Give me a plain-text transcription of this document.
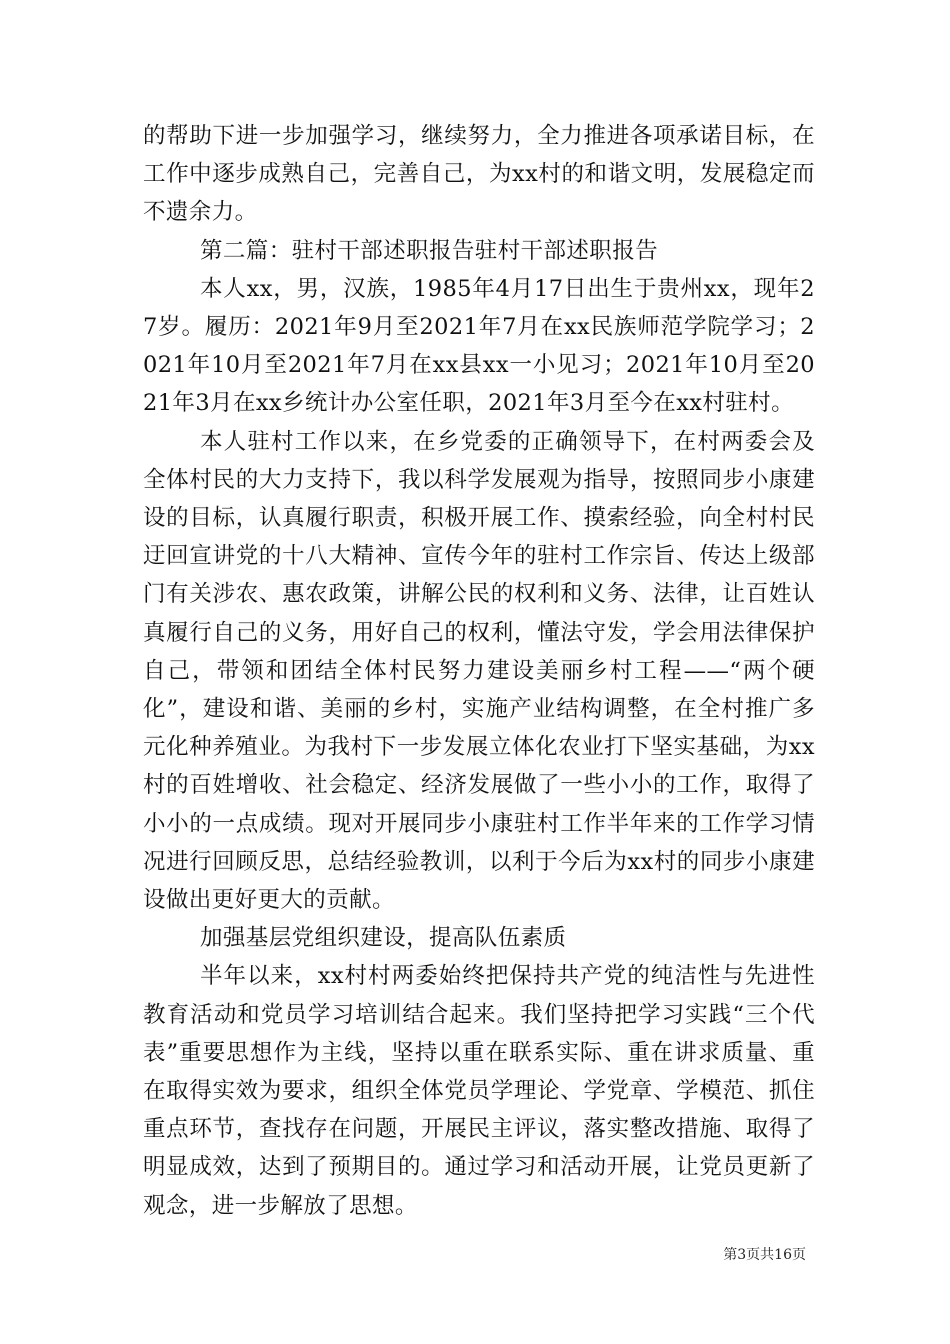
的帮助下进一步加强学习，继续努力，全力推进各项承诺目标，在工作中逐步成熟自己，完善自己，为xx村的和谐文明，发展稳定而不遗余力。

第二篇：驻村干部述职报告驻村干部述职报告

本人xx，男，汉族，1985年4月17日出生于贵州xx，现年27岁。履历：2021年9月至2021年7月在xx民族师范学院学习；2021年10月至2021年7月在xx县xx一小见习；2021年10月至2021年3月在xx乡统计办公室任职，2021年3月至今在xx村驻村。

本人驻村工作以来，在乡党委的正确领导下，在村两委会及全体村民的大力支持下，我以科学发展观为指导，按照同步小康建设的目标，认真履行职责，积极开展工作、摸索经验，向全村村民迂回宣讲党的十八大精神、宣传今年的驻村工作宗旨、传达上级部门有关涉农、惠农政策，讲解公民的权利和义务、法律，让百姓认真履行自己的义务，用好自己的权利，懂法守发，学会用法律保护自己，带领和团结全体村民努力建设美丽乡村工程——“两个硬化”，建设和谐、美丽的乡村，实施产业结构调整，在全村推广多元化种养殖业。为我村下一步发展立体化农业打下坚实基础，为xx村的百姓增收、社会稳定、经济发展做了一些小小的工作，取得了小小的一点成绩。现对开展同步小康驻村工作半年来的工作学习情况进行回顾反思，总结经验教训，以利于今后为xx村的同步小康建设做出更好更大的贡献。

加强基层党组织建设，提高队伍素质

半年以来，xx村村两委始终把保持共产党的纯洁性与先进性教育活动和党员学习培训结合起来。我们坚持把学习实践“三个代表”重要思想作为主线，坚持以重在联系实际、重在讲求质量、重在取得实效为要求，组织全体党员学理论、学党章、学模范、抓住重点环节，查找存在问题，开展民主评议，落实整改措施、取得了明显成效，达到了预期目的。通过学习和活动开展，让党员更新了观念，进一步解放了思想。

第3页共16页
